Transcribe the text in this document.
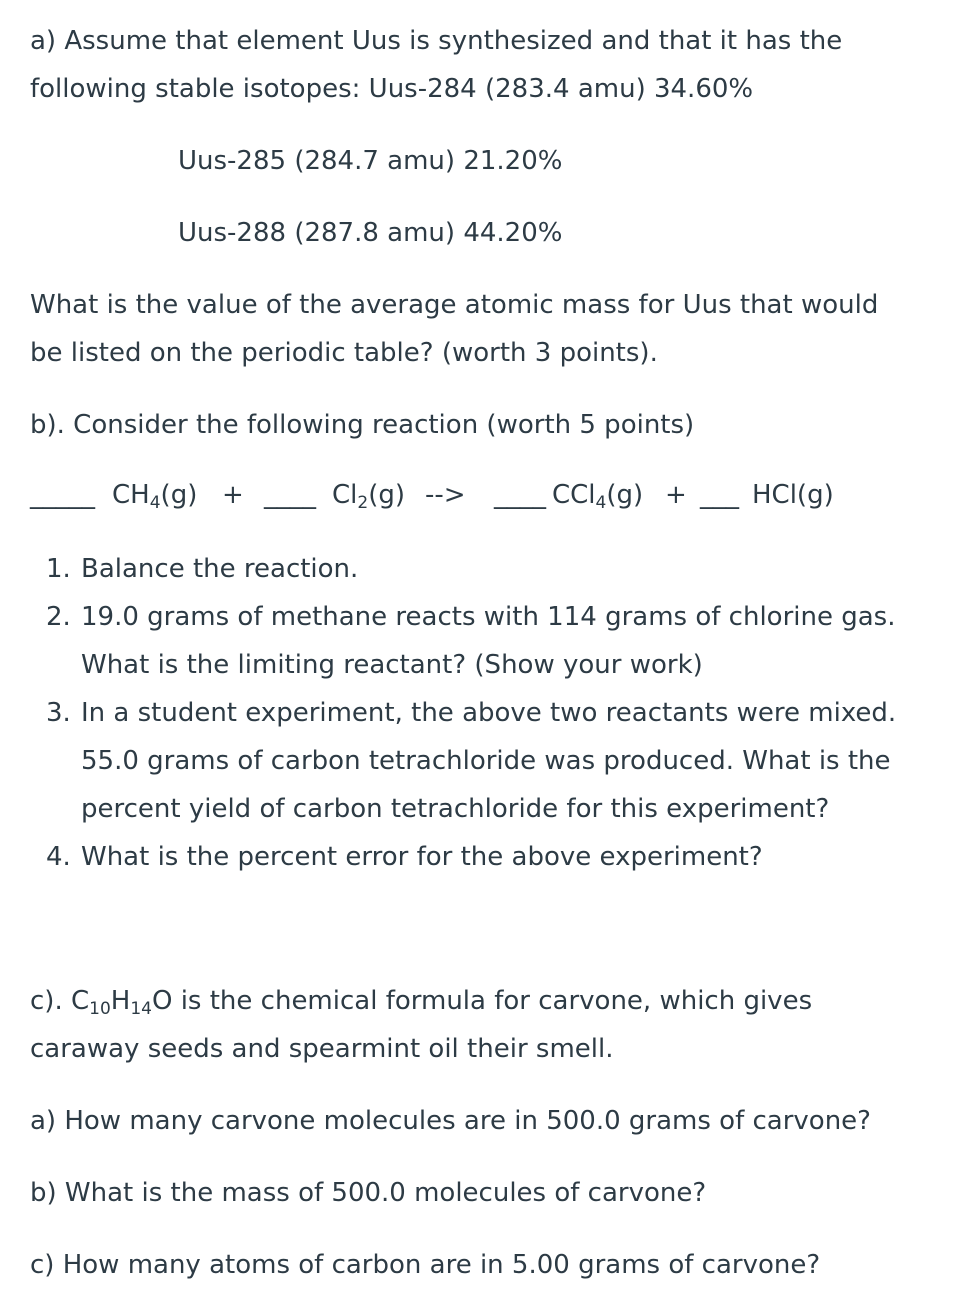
a) Assume that element Uus is synthesized and that it has the
following stable isotopes: Uus-284 (283.4 amu) 34.60%
Uus-285 (284.7 amu) 21.20%
Uus-288 (287.8 amu) 44.20%
What is the value of the average atomic mass for Uus that would
be listed on the periodic table? (worth 3 points).
b). Consider the following reaction (worth 5 points)
_____ $CH_4(g)$ + ____ $Cl_2(g)$ --> ____ CCl$_4$(g) + ___ HCl(g)
1. Balance the reaction.
2. 19.0 grams of methane reacts with 114 grams of chlorine gas.
What is the limiting reactant? (Show your work)
3. In a student experiment, the above two reactants were mixed.
55.0 grams of carbon tetrachloride was produced. What is the
percent yield of carbon tetrachloride for this experiment?
4. What is the percent error for the above experiment?
c). $C_{10}H_{14}O$ is the chemical formula for carvone, which gives
caraway seeds and spearmint oil their smell.
a) How many carvone molecules are in 500.0 grams of carvone?
b) What is the mass of 500.0 molecules of carvone?
c) How many atoms of carbon are in 5.00 grams of carvone?
